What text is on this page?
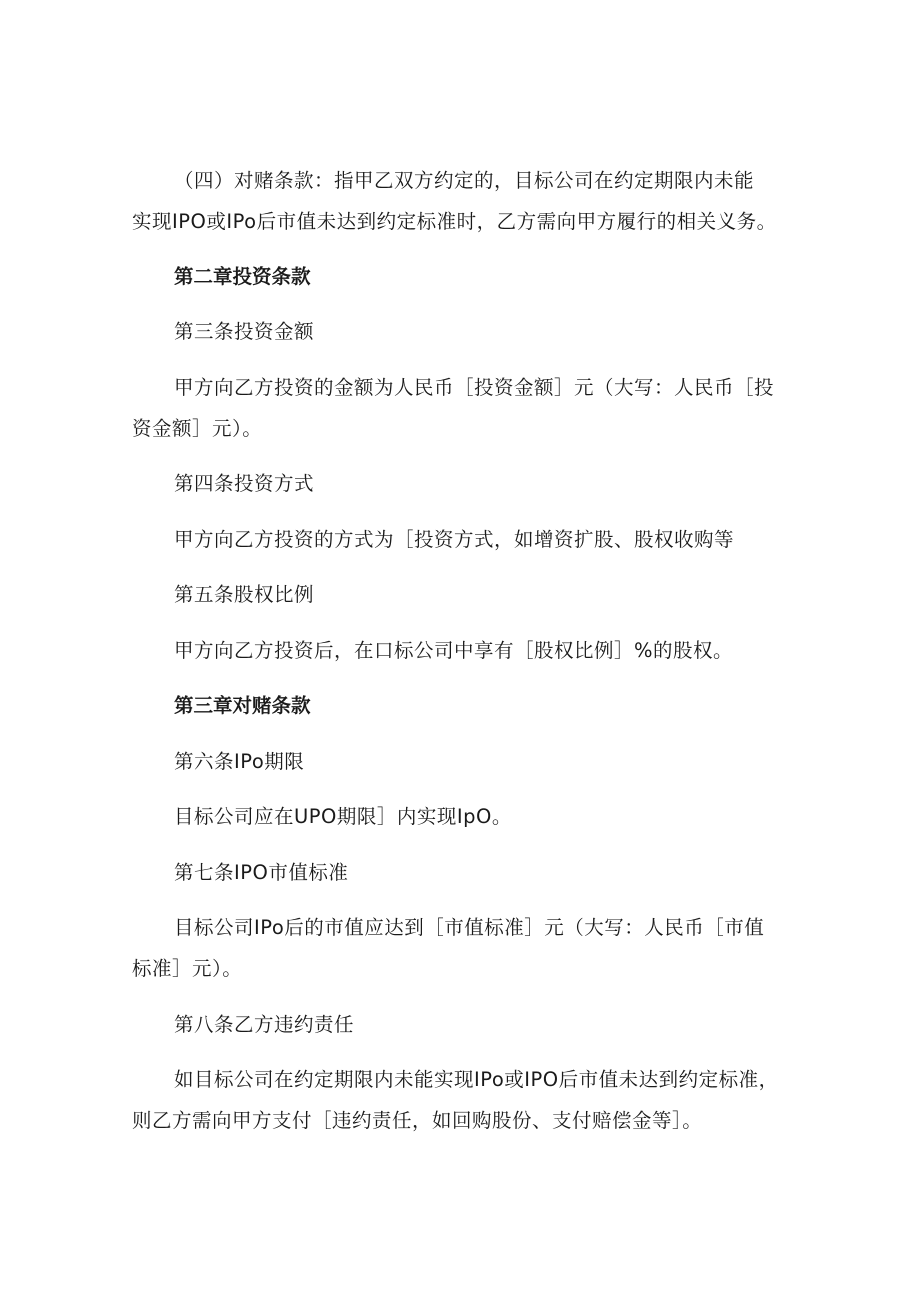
（四）对赌条款：指甲乙双方约定的，目标公司在约定期限内未能
实现IPO或IPo后市值未达到约定标准时，乙方需向甲方履行的相关义务。
第二章投资条款
第三条投资金额
甲方向乙方投资的金额为人民币［投资金额］元（大写：人民币［投
资金额］元）。
第四条投资方式
甲方向乙方投资的方式为［投资方式，如增资扩股、股权收购等
第五条股权比例
甲方向乙方投资后，在口标公司中享有［股权比例］%的股权。
第三章对赌条款
第六条IPo期限
目标公司应在UPO期限］内实现IpO。
第七条IPO市值标准
目标公司IPo后的市值应达到［市值标准］元（大写：人民币［市值
标准］元）。
第八条乙方违约责任
如目标公司在约定期限内未能实现IPo或IPO后市值未达到约定标准，
则乙方需向甲方支付［违约责任，如回购股份、支付赔偿金等］。
